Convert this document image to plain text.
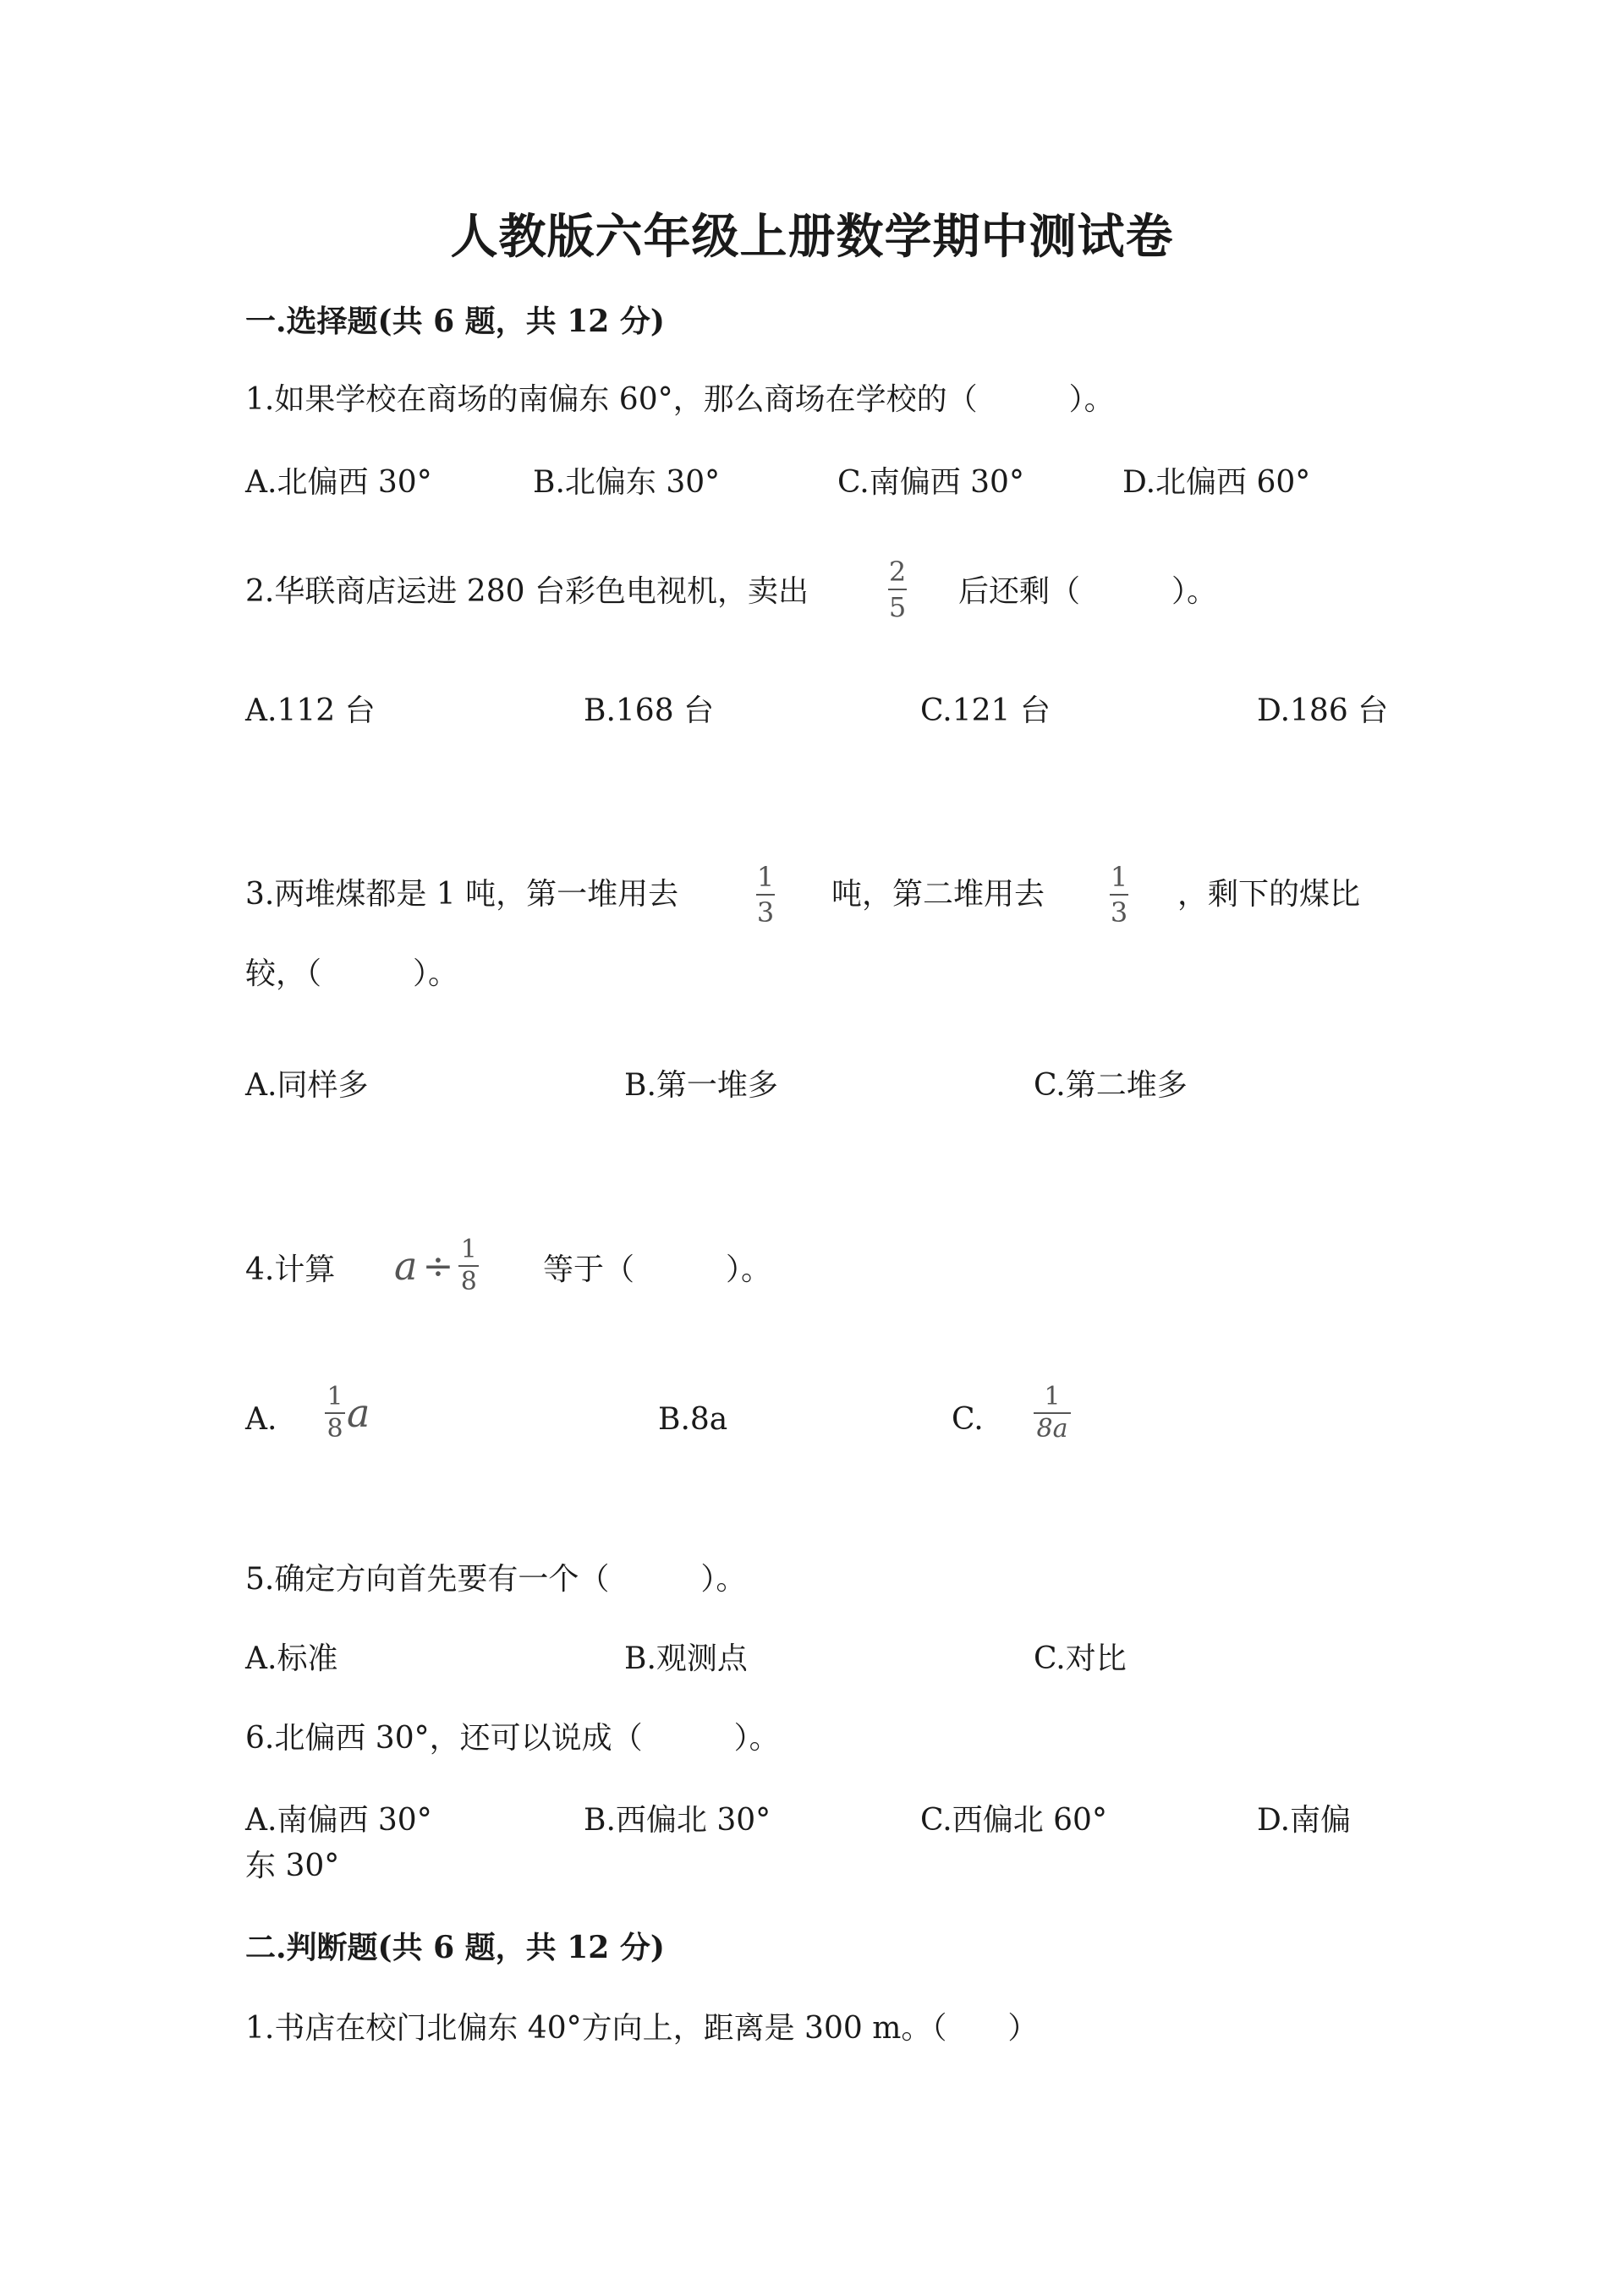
人教版六年级上册数学期中测试卷
一.选择题(共 6 题，共 12 分)
1.如果学校在商场的南偏东 60°，那么商场在学校的（　　　）。
A.北偏西 30°	B.北偏东 30°	C.南偏西 30°	D.北偏西 60°
2.华联商店运进 280 台彩色电视机，卖出
2
5 后还剩（　　　）。
A.112 台	B.168 台	C.121 台	D.186 台
3.两堆煤都是 1 吨，第一堆用去	1
3
吨，第二堆用去 1
3
，剩下的煤比
较，（　　　）。
A.同样多	B.第一堆多	C.第二堆多
4.计算 a ÷ 1
8 等于（　　　）。
A.
1
8 a	B.8a	C.
1
8a
5.确定方向首先要有一个（　　　）。
A.标准	B.观测点	C.对比
6.北偏西 30°，还可以说成（　　　）。
A.南偏西 30°	B.西偏北 30°	C.西偏北 60°	D.南偏
东 30°
二.判断题(共 6 题，共 12 分)
1.书店在校门北偏东 40°方向上，距离是 300 m。（　　）
